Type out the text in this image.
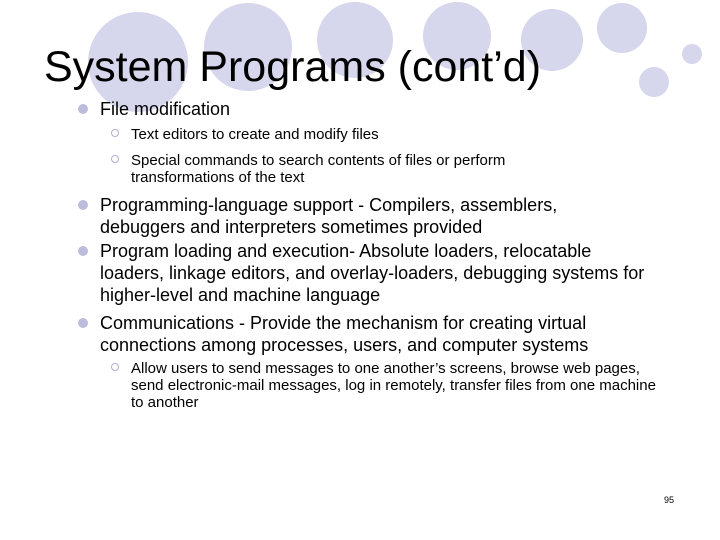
System Programs (cont’d)
File modification
Text editors to create and modify files
Special commands to search contents of files or perform transformations of the text
Programming-language support - Compilers, assemblers, debuggers and interpreters sometimes provided
Program loading and execution- Absolute loaders, relocatable loaders, linkage editors, and overlay-loaders, debugging systems for higher-level and machine language
Communications - Provide the mechanism for creating virtual connections among processes, users, and computer systems
Allow users to send messages to one another’s screens, browse web pages, send electronic-mail messages, log in remotely, transfer files from one machine to another
95
